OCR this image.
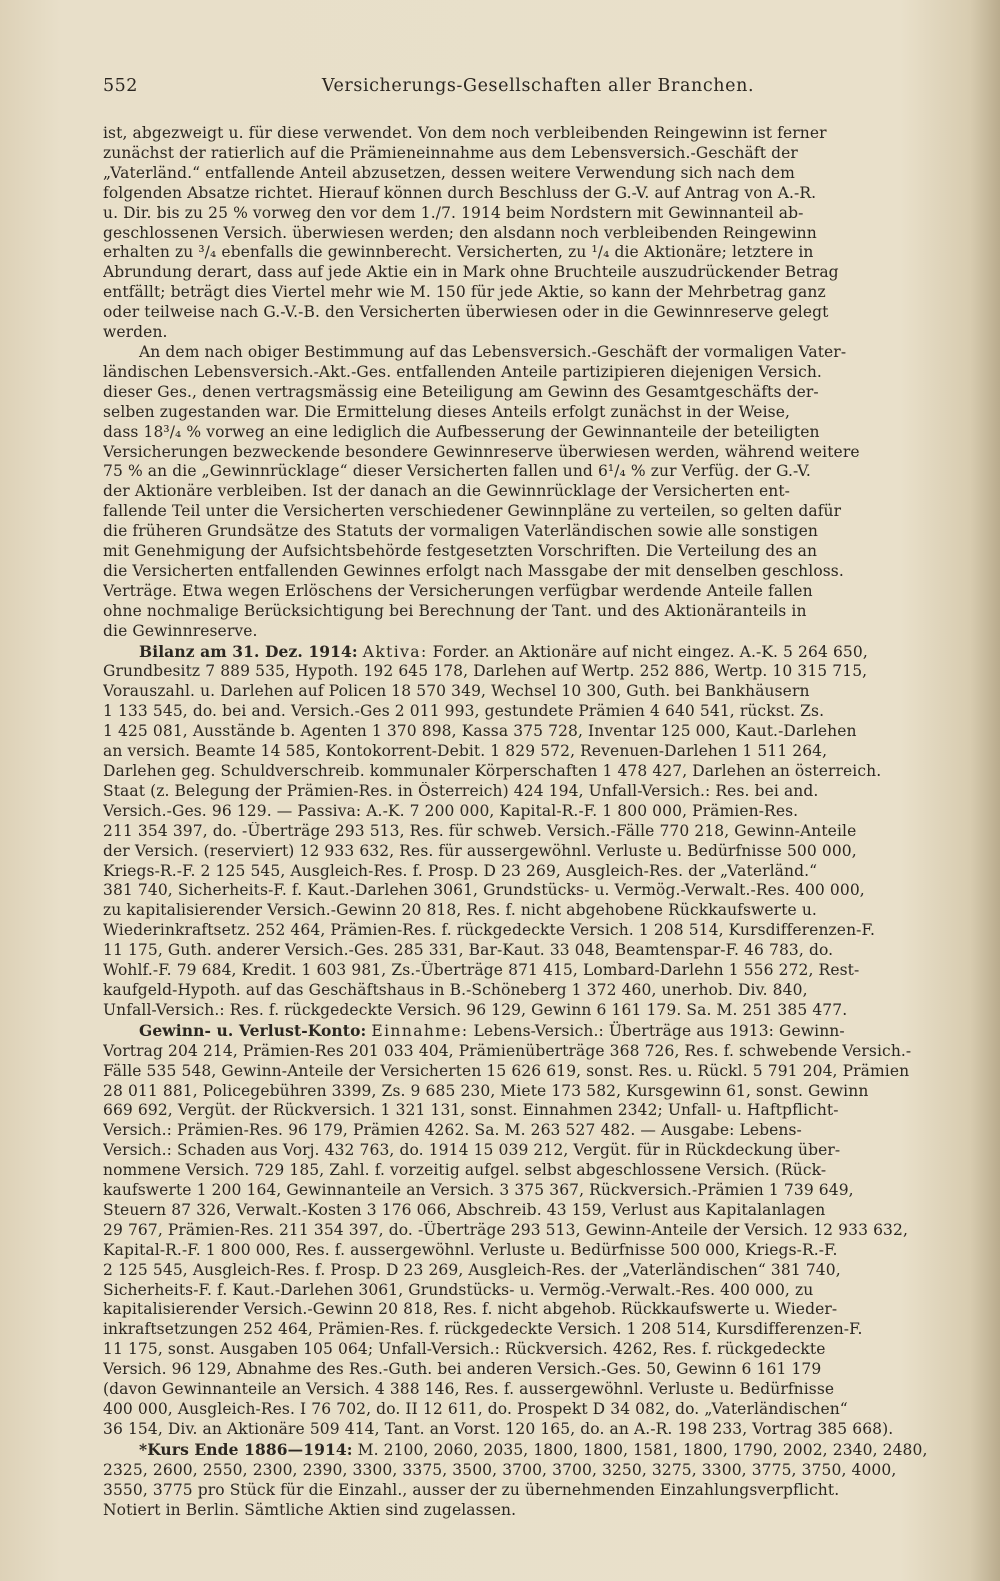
552	Versicherungs-Gesellschaften aller Branchen.
ist, abgezweigt u. für diese verwendet. Von dem noch verbleibenden Reingewinn ist ferner
zunächst der ratierlich auf die Prämieneinnahme aus dem Lebensversich.-Geschäft der
„Vaterländ.“ entfallende Anteil abzusetzen, dessen weitere Verwendung sich nach dem
folgenden Absatze richtet. Hierauf können durch Beschluss der G.-V. auf Antrag von A.-R.
u. Dir. bis zu 25 % vorweg den vor dem 1./7. 1914 beim Nordstern mit Gewinnanteil ab-
geschlossenen Versich. überwiesen werden; den alsdann noch verbleibenden Reingewinn
erhalten zu ³/₄ ebenfalls die gewinnberecht. Versicherten, zu ¹/₄ die Aktionäre; letztere in
Abrundung derart, dass auf jede Aktie ein in Mark ohne Bruchteile auszudrückender Betrag
entfällt; beträgt dies Viertel mehr wie M. 150 für jede Aktie, so kann der Mehrbetrag ganz
oder teilweise nach G.-V.-B. den Versicherten überwiesen oder in die Gewinnreserve gelegt
werden.
An dem nach obiger Bestimmung auf das Lebensversich.-Geschäft der vormaligen Vater-
ländischen Lebensversich.-Akt.-Ges. entfallenden Anteile partizipieren diejenigen Versich.
dieser Ges., denen vertragsmässig eine Beteiligung am Gewinn des Gesamtgeschäfts der-
selben zugestanden war. Die Ermittelung dieses Anteils erfolgt zunächst in der Weise,
dass 18³/₄ % vorweg an eine lediglich die Aufbesserung der Gewinnanteile der beteiligten
Versicherungen bezweckende besondere Gewinnreserve überwiesen werden, während weitere
75 % an die „Gewinnrücklage“ dieser Versicherten fallen und 6¹/₄ % zur Verfüg. der G.-V.
der Aktionäre verbleiben. Ist der danach an die Gewinnrücklage der Versicherten ent-
fallende Teil unter die Versicherten verschiedener Gewinnpläne zu verteilen, so gelten dafür
die früheren Grundsätze des Statuts der vormaligen Vaterländischen sowie alle sonstigen
mit Genehmigung der Aufsichtsbehörde festgesetzten Vorschriften. Die Verteilung des an
die Versicherten entfallenden Gewinnes erfolgt nach Massgabe der mit denselben geschloss.
Verträge. Etwa wegen Erlöschens der Versicherungen verfügbar werdende Anteile fallen
ohne nochmalige Berücksichtigung bei Berechnung der Tant. und des Aktionäranteils in
die Gewinnreserve.
Bilanz am 31. Dez. 1914: Aktiva: Forder. an Aktionäre auf nicht eingez. A.-K. 5 264 650,
Grundbesitz 7 889 535, Hypoth. 192 645 178, Darlehen auf Wertp. 252 886, Wertp. 10 315 715,
Vorauszahl. u. Darlehen auf Policen 18 570 349, Wechsel 10 300, Guth. bei Bankhäusern
1 133 545, do. bei and. Versich.-Ges 2 011 993, gestundete Prämien 4 640 541, rückst. Zs.
1 425 081, Ausstände b. Agenten 1 370 898, Kassa 375 728, Inventar 125 000, Kaut.-Darlehen
an versich. Beamte 14 585, Kontokorrent-Debit. 1 829 572, Revenuen-Darlehen 1 511 264,
Darlehen geg. Schuldverschreib. kommunaler Körperschaften 1 478 427, Darlehen an österreich.
Staat (z. Belegung der Prämien-Res. in Österreich) 424 194, Unfall-Versich.: Res. bei and.
Versich.-Ges. 96 129. — Passiva: A.-K. 7 200 000, Kapital-R.-F. 1 800 000, Prämien-Res.
211 354 397, do. -Überträge 293 513, Res. für schweb. Versich.-Fälle 770 218, Gewinn-Anteile
der Versich. (reserviert) 12 933 632, Res. für aussergewöhnl. Verluste u. Bedürfnisse 500 000,
Kriegs-R.-F. 2 125 545, Ausgleich-Res. f. Prosp. D 23 269, Ausgleich-Res. der „Vaterländ.“
381 740, Sicherheits-F. f. Kaut.-Darlehen 3061, Grundstücks- u. Vermög.-Verwalt.-Res. 400 000,
zu kapitalisierender Versich.-Gewinn 20 818, Res. f. nicht abgehobene Rückkaufswerte u.
Wiederinkraftsetz. 252 464, Prämien-Res. f. rückgedeckte Versich. 1 208 514, Kursdifferenzen-F.
11 175, Guth. anderer Versich.-Ges. 285 331, Bar-Kaut. 33 048, Beamtenspar-F. 46 783, do.
Wohlf.-F. 79 684, Kredit. 1 603 981, Zs.-Überträge 871 415, Lombard-Darlehn 1 556 272, Rest-
kaufgeld-Hypoth. auf das Geschäftshaus in B.-Schöneberg 1 372 460, unerhob. Div. 840,
Unfall-Versich.: Res. f. rückgedeckte Versich. 96 129, Gewinn 6 161 179. Sa. M. 251 385 477.
Gewinn- u. Verlust-Konto: Einnahme: Lebens-Versich.: Überträge aus 1913: Gewinn-
Vortrag 204 214, Prämien-Res 201 033 404, Prämienüberträge 368 726, Res. f. schwebende Versich.-
Fälle 535 548, Gewinn-Anteile der Versicherten 15 626 619, sonst. Res. u. Rückl. 5 791 204, Prämien
28 011 881, Policegebühren 3399, Zs. 9 685 230, Miete 173 582, Kursgewinn 61, sonst. Gewinn
669 692, Vergüt. der Rückversich. 1 321 131, sonst. Einnahmen 2342; Unfall- u. Haftpflicht-
Versich.: Prämien-Res. 96 179, Prämien 4262. Sa. M. 263 527 482. — Ausgabe: Lebens-
Versich.: Schaden aus Vorj. 432 763, do. 1914 15 039 212, Vergüt. für in Rückdeckung über-
nommene Versich. 729 185, Zahl. f. vorzeitig aufgel. selbst abgeschlossene Versich. (Rück-
kaufswerte 1 200 164, Gewinnanteile an Versich. 3 375 367, Rückversich.-Prämien 1 739 649,
Steuern 87 326, Verwalt.-Kosten 3 176 066, Abschreib. 43 159, Verlust aus Kapitalanlagen
29 767, Prämien-Res. 211 354 397, do. -Überträge 293 513, Gewinn-Anteile der Versich. 12 933 632,
Kapital-R.-F. 1 800 000, Res. f. aussergewöhnl. Verluste u. Bedürfnisse 500 000, Kriegs-R.-F.
2 125 545, Ausgleich-Res. f. Prosp. D 23 269, Ausgleich-Res. der „Vaterländischen“ 381 740,
Sicherheits-F. f. Kaut.-Darlehen 3061, Grundstücks- u. Vermög.-Verwalt.-Res. 400 000, zu
kapitalisierender Versich.-Gewinn 20 818, Res. f. nicht abgehob. Rückkaufswerte u. Wieder-
inkraftsetzungen 252 464, Prämien-Res. f. rückgedeckte Versich. 1 208 514, Kursdifferenzen-F.
11 175, sonst. Ausgaben 105 064; Unfall-Versich.: Rückversich. 4262, Res. f. rückgedeckte
Versich. 96 129, Abnahme des Res.-Guth. bei anderen Versich.-Ges. 50, Gewinn 6 161 179
(davon Gewinnanteile an Versich. 4 388 146, Res. f. aussergewöhnl. Verluste u. Bedürfnisse
400 000, Ausgleich-Res. I 76 702, do. II 12 611, do. Prospekt D 34 082, do. „Vaterländischen“
36 154, Div. an Aktionäre 509 414, Tant. an Vorst. 120 165, do. an A.-R. 198 233, Vortrag 385 668).
*Kurs Ende 1886—1914: M. 2100, 2060, 2035, 1800, 1800, 1581, 1800, 1790, 2002, 2340, 2480,
2325, 2600, 2550, 2300, 2390, 3300, 3375, 3500, 3700, 3700, 3250, 3275, 3300, 3775, 3750, 4000,
3550, 3775 pro Stück für die Einzahl., ausser der zu übernehmenden Einzahlungsverpflicht.
Notiert in Berlin. Sämtliche Aktien sind zugelassen.
